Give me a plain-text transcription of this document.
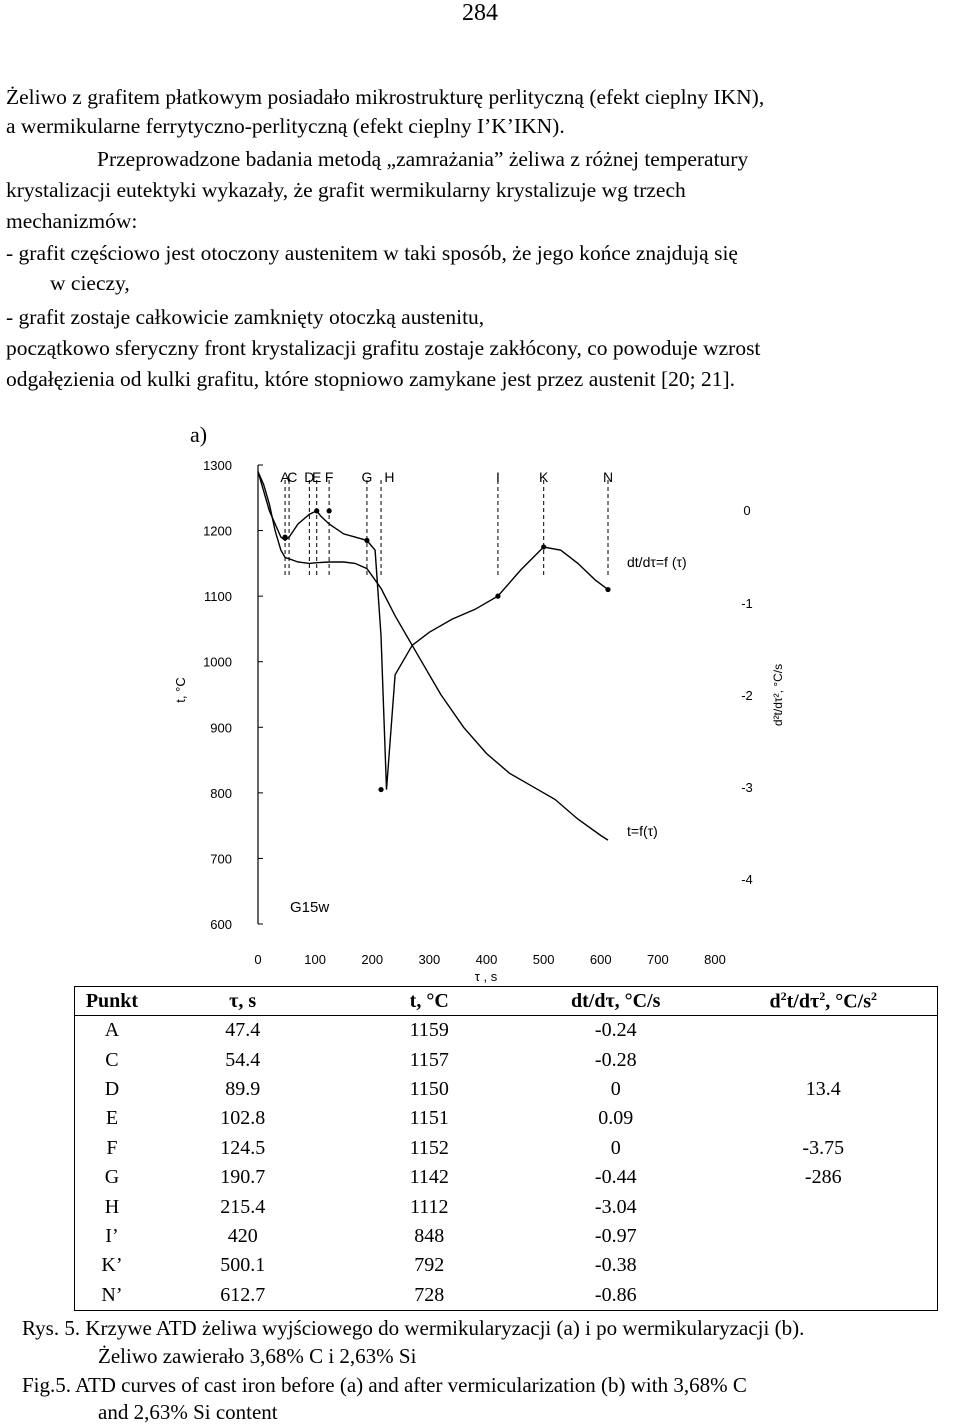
284
Żeliwo z grafitem płatkowym posiadało mikrostrukturę perlityczną (efekt cieplny IKN),
a wermikularne ferrytyczno-perlityczną (efekt cieplny I’K’IKN).
Przeprowadzone badania metodą „zamrażania” żeliwa z różnej temperatury
krystalizacji eutektyki wykazały, że grafit wermikularny krystalizuje wg trzech
mechanizmów:
- grafit częściowo jest otoczony austenitem w taki sposób, że jego końce znajdują się
w cieczy,
- grafit zostaje całkowicie zamknięty otoczką austenitu,
początkowo sferyczny front krystalizacji grafitu zostaje zakłócony, co powoduje wzrost
odgałęzienia od kulki grafitu, które stopniowo zamykane jest przez austenit [20; 21].
a)
1300
1200
1100
1000
900
800
700
600
0
-1
-2
-3
-4
0	100	200	300	400	500	600	700	800
A
C D
E F G H	I	K	N
τ , s
t, °C	d²t/dτ², °C/s
dt/dτ=f (τ)
t=f(τ)
G15w
Punkt	τ, s	t, °C	dt/dτ, °C/s	$d^2t/d\tau^2$, $^\circ C/s^2$
A	47.4	1159	-0.24	
C	54.4	1157	-0.28	
D	89.9	1150	0	13.4
E	102.8	1151	0.09	
F	124.5	1152	0	-3.75
G	190.7	1142	-0.44	-286
H	215.4	1112	-3.04	
I’	420	848	-0.97	
K’	500.1	792	-0.38	
N’	612.7	728	-0.86	
Rys. 5. Krzywe ATD żeliwa wyjściowego do wermikularyzacji (a) i po wermikularyzacji (b).
Żeliwo zawierało 3,68% C i 2,63% Si
Fig.5. ATD curves of cast iron before (a) and after vermicularization (b) with 3,68% C
and 2,63% Si content
